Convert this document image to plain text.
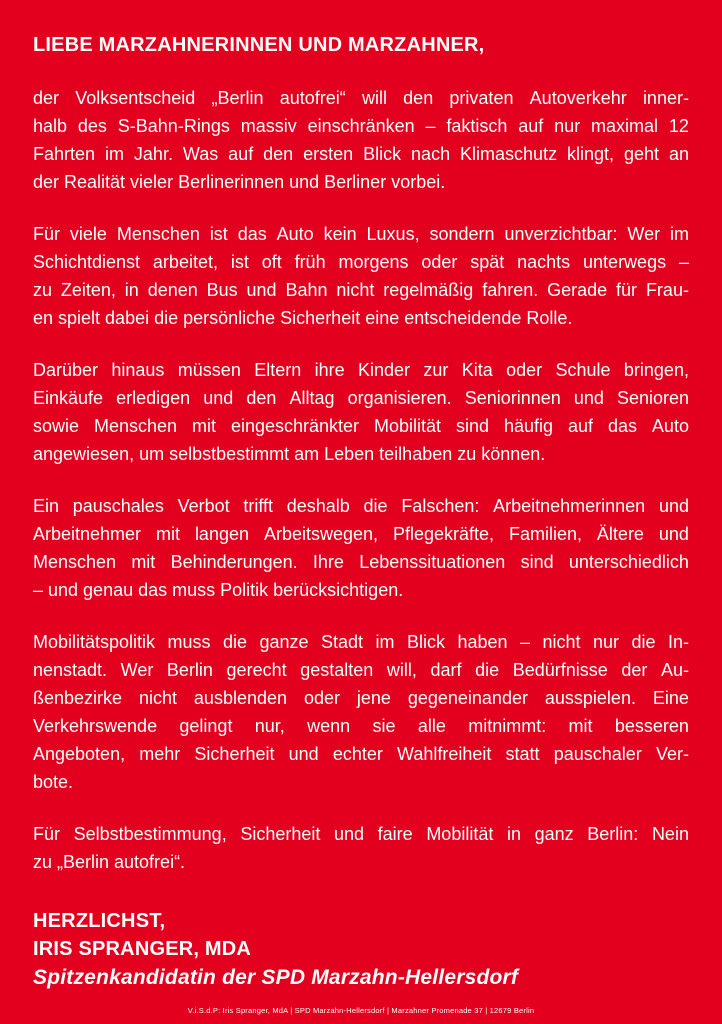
LIEBE MARZAHNERINNEN UND MARZAHNER,
der Volksentscheid „Berlin autofrei“ will den privaten Autoverkehr inner-
halb des S-Bahn-Rings massiv einschränken – faktisch auf nur maximal 12
Fahrten im Jahr. Was auf den ersten Blick nach Klimaschutz klingt, geht an
der Realität vieler Berlinerinnen und Berliner vorbei.
Für viele Menschen ist das Auto kein Luxus, sondern unverzichtbar: Wer im
Schichtdienst arbeitet, ist oft früh morgens oder spät nachts unterwegs –
zu Zeiten, in denen Bus und Bahn nicht regelmäßig fahren. Gerade für Frau-
en spielt dabei die persönliche Sicherheit eine entscheidende Rolle.
Darüber hinaus müssen Eltern ihre Kinder zur Kita oder Schule bringen,
Einkäufe erledigen und den Alltag organisieren. Seniorinnen und Senioren
sowie Menschen mit eingeschränkter Mobilität sind häufig auf das Auto
angewiesen, um selbstbestimmt am Leben teilhaben zu können.
Ein pauschales Verbot trifft deshalb die Falschen: Arbeitnehmerinnen und
Arbeitnehmer mit langen Arbeitswegen, Pflegekräfte, Familien, Ältere und
Menschen mit Behinderungen. Ihre Lebenssituationen sind unterschiedlich
– und genau das muss Politik berücksichtigen.
Mobilitätspolitik muss die ganze Stadt im Blick haben – nicht nur die In-
nenstadt. Wer Berlin gerecht gestalten will, darf die Bedürfnisse der Au-
ßenbezirke nicht ausblenden oder jene gegeneinander ausspielen. Eine
Verkehrswende gelingt nur, wenn sie alle mitnimmt: mit besseren
Angeboten, mehr Sicherheit und echter Wahlfreiheit statt pauschaler Ver-
bote.
Für Selbstbestimmung, Sicherheit und faire Mobilität in ganz Berlin: Nein
zu „Berlin autofrei“.
HERZLICHST,
IRIS SPRANGER, MDA
Spitzenkandidatin der SPD Marzahn-Hellersdorf
V.i.S.d.P: Iris Spranger, MdA | SPD Marzahn-Hellersdorf | Marzahner Promenade 37 | 12679 Berlin
